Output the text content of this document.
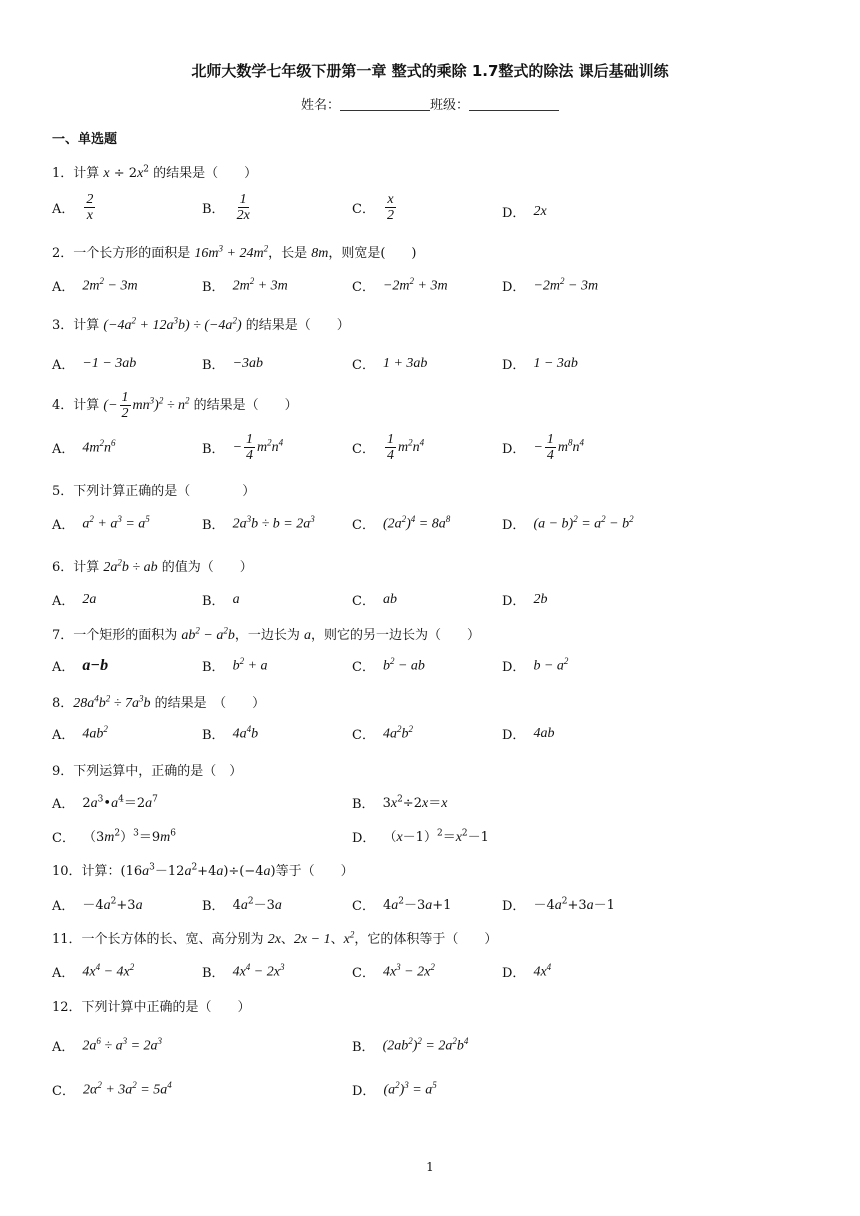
北师大数学七年级下册第一章 整式的乘除 1.7整式的除法 课后基础训练
姓名：	班级：
一、单选题
1．计算 $x \div 2x^2$ 的结果是（　　）
A． $\frac{2}{x}$	B． $\frac{1}{2x}$	C． $\frac{x}{2}$	D． 2x
2．一个长方形的面积是 $16m^3 + 24m^2$，长是 8m，则宽是(　　)
A． $2m^2 - 3m$	B． $2m^2 + 3m$	C． $-2m^2 + 3m$	D． $-2m^2 - 3m$
3．计算 $(-4a^2 + 12a^3b) \div (-4a^2)$ 的结果是（　　）
A． −1 − 3ab	B． −3ab	C． 1 + 3ab	D． 1 − 3ab
4．计算 (− $\frac{1}{2} mn^3)^2 \div n^2$ 的结果是（　　）
A． $4m^2n^6$	B． − $\frac{1}{4} m^2n^4$	C． $\frac{1}{4} m^2n^4$	D． − $\frac{1}{4} m^8n^4$
5．下列计算正确的是（　　　　）
A． $a^2 + a^3 = a^5$	B． $2a^3b \div b = 2a^3$	C． $(2a^2)^4 = 8a^8$	D． $(a - b)^2 = a^2 - b^2$
6．计算 $2a^2b$ ÷ ab 的值为（　　）
A． 2a	B． a	C． ab	D． 2b
7．一个矩形的面积为 $ab^2 - a^2b$，一边长为 a，则它的另一边长为（　　）
A． a−b	B． $b^2 + a$	C． $b^2$ − ab	D． $b - a^2$
8．$28a^4b^2 \div 7a^3b$ 的结果是　（　　）
A． $4ab^2$	B． $4a^4b$	C． $4a^2b^2$	D． 4ab
9．下列运算中，正确的是（　）
A． $2a^3•a^4=2a^7$	B． $3x^2\div 2x=x$
C． $(3m^2)^3=9m^6$	D． $(x-1)^2=x^2-1$
10．计算：$(16a^3-12a^2+4a)\div(-4a)$等于（　　）
A． $-4a^2+3a$	B． $4a^2-3a$	C． $4a^2-3a+1$	D． $-4a^2+3a-1$
11．一个长方体的长、宽、高分别为 2x、2x − 1、$x^2$，它的体积等于（　　）
A． $4x^4 - 4x^2$	B． $4x^4 - 2x^3$	C． $4x^3 - 2x^2$	D． $4x^4$
12．下列计算中正确的是（　　）
A． $2a^6 \div a^3 = 2a^3$	B． $(2ab^2)^2 = 2a^2b^4$
C． $2\alpha^2 + 3a^2 = 5a^4$	D． $(a^2)^3 = a^5$
1
